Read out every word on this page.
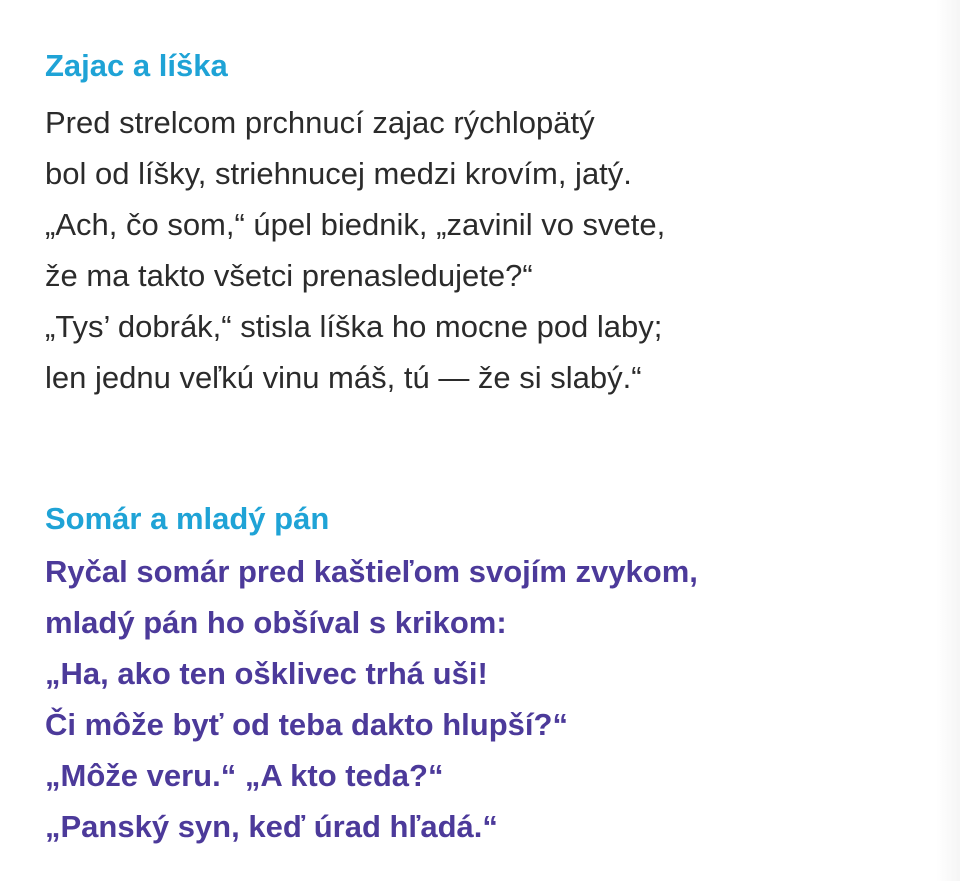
Zajac a líška
Pred strelcom prchnucí zajac rýchlopätý
bol od líšky, striehnucej medzi krovím, jatý.
„Ach, čo som,“ úpel biednik, „zavinil vo svete,
že ma takto všetci prenasledujete?“
„Tys’ dobrák,“ stisla líška ho mocne pod laby;
len jednu veľkú vinu máš, tú — že si slabý.“
Somár a mladý pán
Ryčal somár pred kaštieľom svojím zvykom,
mladý pán ho obšíval s krikom:
„Ha, ako ten ošklivec trhá uši!
Či môže byť od teba dakto hlupší?“
„Môže veru.“ „A kto teda?“
„Panský syn, keď úrad hľadá.“
